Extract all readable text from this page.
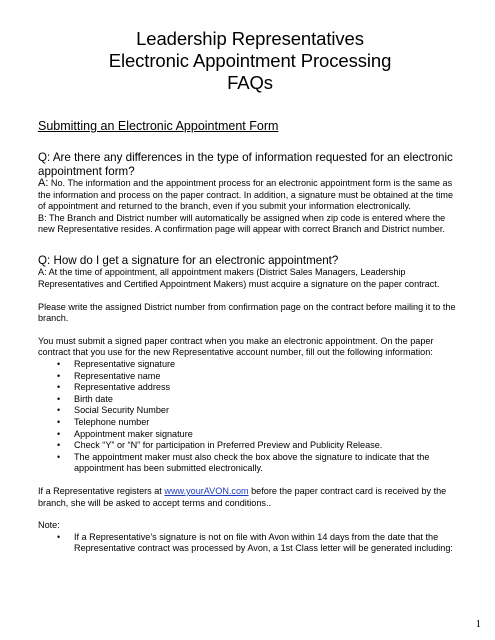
Leadership Representatives
Electronic Appointment Processing
FAQs
Submitting an Electronic Appointment Form
Q: Are there any differences in the type of information requested for an electronic appointment form?
A: No. The information and the appointment process for an electronic appointment form is the same as the information and process on the paper contract. In addition, a signature must be obtained at the time of appointment and returned to the branch, even if you submit your information electronically.
B: The Branch and District number will automatically be assigned when zip code is entered where the new Representative resides. A confirmation page will appear with correct Branch and District number.
Q: How do I get a signature for an electronic appointment?
A: At the time of appointment, all appointment makers (District Sales Managers, Leadership Representatives and Certified Appointment Makers) must acquire a signature on the paper contract.
Please write the assigned District number from confirmation page on the contract before mailing it to the branch.
You must submit a signed paper contract when you make an electronic appointment. On the paper contract that you use for the new Representative account number, fill out the following information:
• Representative signature
• Representative name
• Representative address
• Birth date
• Social Security Number
• Telephone number
• Appointment maker signature
• Check “Y” or “N” for participation in Preferred Preview and Publicity Release.
• The appointment maker must also check the box above the signature to indicate that the appointment has been submitted electronically.
If a Representative registers at www.yourAVON.com before the paper contract card is received by the branch, she will be asked to accept terms and conditions..
Note:
• If a Representative’s signature is not on file with Avon within 14 days from the date that the Representative contract was processed by Avon, a 1st Class letter will be generated including:
1
